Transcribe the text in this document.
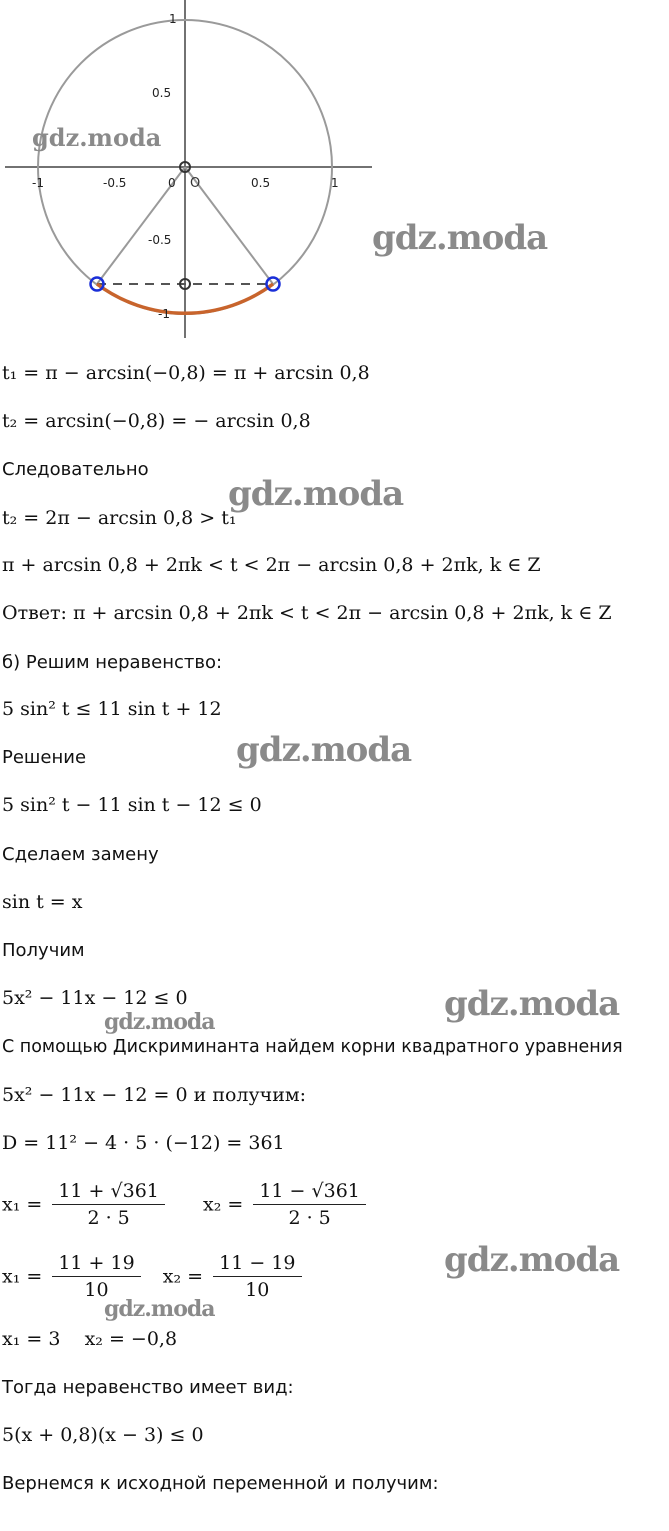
-1	-0.5	0	0.5	1
1
0.5
-0.5
-1
O
gdz.moda
gdz.moda
gdz.moda
gdz.moda
gdz.moda
gdz.moda
gdz.moda
gdz.moda
t₁ = π − arcsin(−0,8) = π + arcsin 0,8
t₂ = arcsin(−0,8) = − arcsin 0,8
Следовательно
t₂ = 2π − arcsin 0,8 > t₁
π + arcsin 0,8 + 2πk < t < 2π − arcsin 0,8 + 2πk, k ∈ Z
Ответ: π + arcsin 0,8 + 2πk < t < 2π − arcsin 0,8 + 2πk, k ∈ Z
б) Решим неравенство:
5 sin² t ≤ 11 sin t + 12
Решение
5 sin² t − 11 sin t − 12 ≤ 0
Сделаем замену
sin t = x
Получим
5x² − 11x − 12 ≤ 0
С помощью Дискриминанта найдем корни квадратного уравнения
5x² − 11x − 12 = 0 и получим:
D = 11² − 4 · 5 · (−12) = 361
$x_1 = \frac{11 + √361}{2 \cdot 5} x_2 = \frac{11 - √361}{2 \cdot 5}$
$x_1 = \frac{11 + 19}{10} x_2 = \frac{11 - 19}{10}$
x₁ = 3    x₂ = −0,8
Тогда неравенство имеет вид:
5(x + 0,8)(x − 3) ≤ 0
Вернемся к исходной переменной и получим:
